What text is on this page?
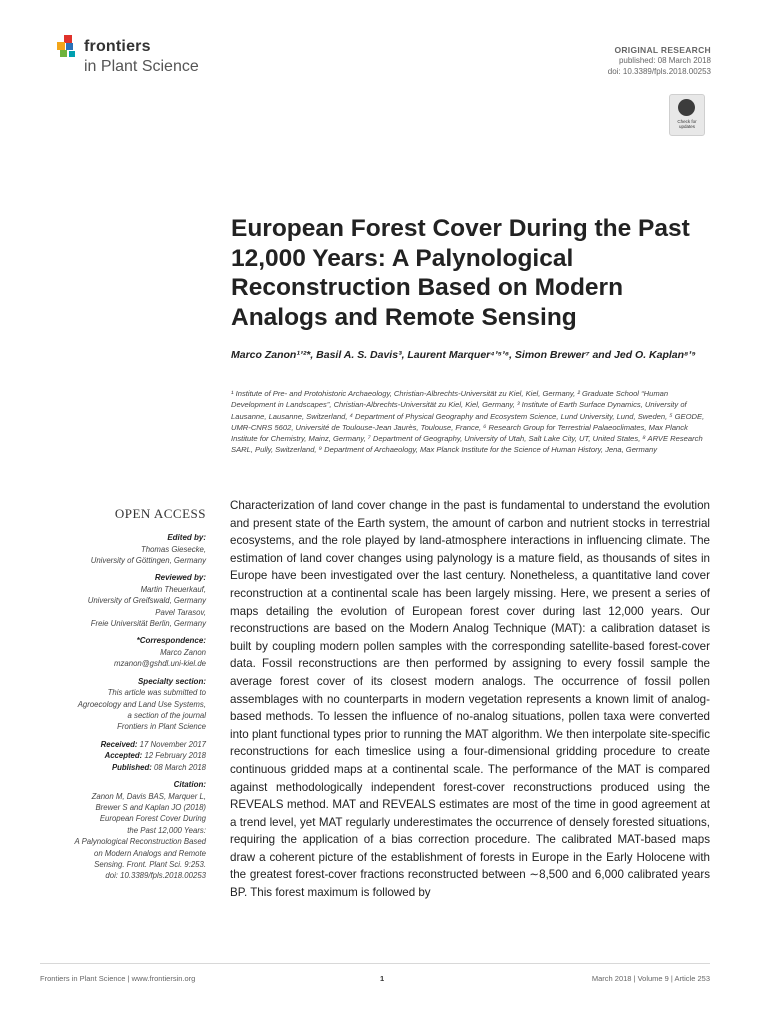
frontiers
in Plant Science
ORIGINAL RESEARCH
published: 08 March 2018
doi: 10.3389/fpls.2018.00253
Check for updates
European Forest Cover During the Past 12,000 Years: A Palynological Reconstruction Based on Modern Analogs and Remote Sensing
Marco Zanon¹ʼ²*, Basil A. S. Davis³, Laurent Marquer⁴ʼ⁵ʼ⁶, Simon Brewer⁷ and Jed O. Kaplan⁸ʼ⁹
¹ Institute of Pre- and Protohistoric Archaeology, Christian-Albrechts-Universität zu Kiel, Kiel, Germany, ² Graduate School “Human Development in Landscapes”, Christian-Albrechts-Universität zu Kiel, Kiel, Germany, ³ Institute of Earth Surface Dynamics, University of Lausanne, Lausanne, Switzerland, ⁴ Department of Physical Geography and Ecosystem Science, Lund University, Lund, Sweden, ⁵ GEODE, UMR-CNRS 5602, Université de Toulouse-Jean Jaurès, Toulouse, France, ⁶ Research Group for Terrestrial Palaeoclimates, Max Planck Institute for Chemistry, Mainz, Germany, ⁷ Department of Geography, University of Utah, Salt Lake City, UT, United States, ⁸ ARVE Research SARL, Pully, Switzerland, ⁹ Department of Archaeology, Max Planck Institute for the Science of Human History, Jena, Germany
OPEN ACCESS
Edited by:
Thomas Giesecke,
University of Göttingen, Germany
Reviewed by:
Martin Theuerkauf,
University of Greifswald, Germany
Pavel Tarasov,
Freie Universität Berlin, Germany
*Correspondence:
Marco Zanon
mzanon@gshdl.uni-kiel.de
Specialty section:
This article was submitted to
Agroecology and Land Use Systems,
a section of the journal
Frontiers in Plant Science
Received: 17 November 2017
Accepted: 12 February 2018
Published: 08 March 2018
Citation:
Zanon M, Davis BAS, Marquer L,
Brewer S and Kaplan JO (2018)
European Forest Cover During
the Past 12,000 Years:
A Palynological Reconstruction Based
on Modern Analogs and Remote
Sensing. Front. Plant Sci. 9:253.
doi: 10.3389/fpls.2018.00253
Characterization of land cover change in the past is fundamental to understand the evolution and present state of the Earth system, the amount of carbon and nutrient stocks in terrestrial ecosystems, and the role played by land-atmosphere interactions in influencing climate. The estimation of land cover changes using palynology is a mature field, as thousands of sites in Europe have been investigated over the last century. Nonetheless, a quantitative land cover reconstruction at a continental scale has been largely missing. Here, we present a series of maps detailing the evolution of European forest cover during last 12,000 years. Our reconstructions are based on the Modern Analog Technique (MAT): a calibration dataset is built by coupling modern pollen samples with the corresponding satellite-based forest-cover data. Fossil reconstructions are then performed by assigning to every fossil sample the average forest cover of its closest modern analogs. The occurrence of fossil pollen assemblages with no counterparts in modern vegetation represents a known limit of analog-based methods. To lessen the influence of no-analog situations, pollen taxa were converted into plant functional types prior to running the MAT algorithm. We then interpolate site-specific reconstructions for each timeslice using a four-dimensional gridding procedure to create continuous gridded maps at a continental scale. The performance of the MAT is compared against methodologically independent forest-cover reconstructions produced using the REVEALS method. MAT and REVEALS estimates are most of the time in good agreement at a trend level, yet MAT regularly underestimates the occurrence of densely forested situations, requiring the application of a bias correction procedure. The calibrated MAT-based maps draw a coherent picture of the establishment of forests in Europe in the Early Holocene with the greatest forest-cover fractions reconstructed between ∼8,500 and 6,000 calibrated years BP. This forest maximum is followed by
Frontiers in Plant Science | www.frontiersin.org	1	March 2018 | Volume 9 | Article 253
